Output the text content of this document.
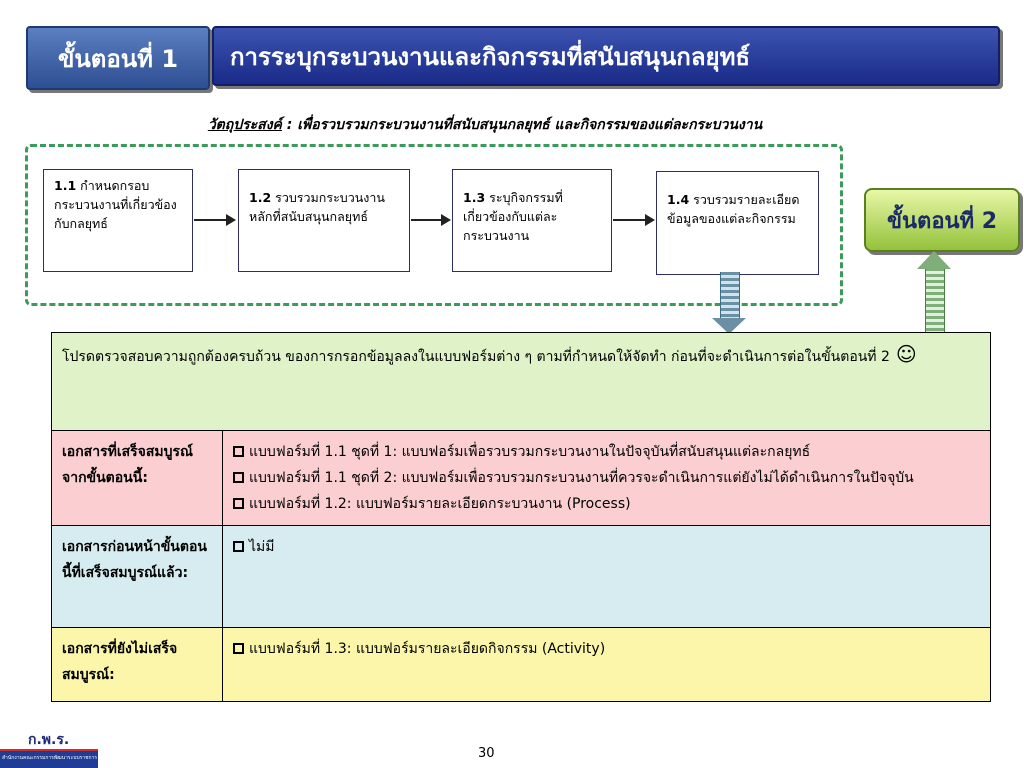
ขั้นตอนที่ 1	การระบุกระบวนงานและกิจกรรมที่สนับสนุนกลยุทธ์
วัตถุประสงค์ : เพื่อรวบรวมกระบวนงานที่สนับสนุนกลยุทธ์ และกิจกรรมของแต่ละกระบวนงาน
1.1 กำหนดกรอบกระบวนงานที่เกี่ยวข้องกับกลยุทธ์
1.2 รวบรวมกระบวนงานหลักที่สนับสนุนกลยุทธ์
1.3 ระบุกิจกรรมที่เกี่ยวข้องกับแต่ละกระบวนงาน
1.4 รวบรวมรายละเอียดข้อมูลของแต่ละกิจกรรม	ขั้นตอนที่ 2
โปรดตรวจสอบความถูกต้องครบถ้วน ของการกรอกข้อมูลลงในแบบฟอร์มต่าง ๆ ตามที่กำหนดให้จัดทำ ก่อนที่จะดำเนินการต่อในขั้นตอนที่ 2 ☺	
เอกสารที่เสร็จสมบูรณ์ จากขั้นตอนนี้:	แบบฟอร์มที่ 1.1 ชุดที่ 1: แบบฟอร์มเพื่อรวบรวมกระบวนงานในปัจจุบันที่สนับสนุนแต่ละกลยุทธ์
แบบฟอร์มที่ 1.1 ชุดที่ 2: แบบฟอร์มเพื่อรวบรวมกระบวนงานที่ควรจะดำเนินการแต่ยังไม่ได้ดำเนินการในปัจจุบัน
แบบฟอร์มที่ 1.2: แบบฟอร์มรายละเอียดกระบวนงาน (Process)

เอกสารก่อนหน้าขั้นตอนนี้ที่เสร็จสมบูรณ์แล้ว:	ไม่มี

เอกสารที่ยังไม่เสร็จสมบูรณ์:	แบบฟอร์มที่ 1.3: แบบฟอร์มรายละเอียดกิจกรรม (Activity)
ก.พ.ร.
สำนักงานคณะกรรมการพัฒนาระบบราชการ	30
